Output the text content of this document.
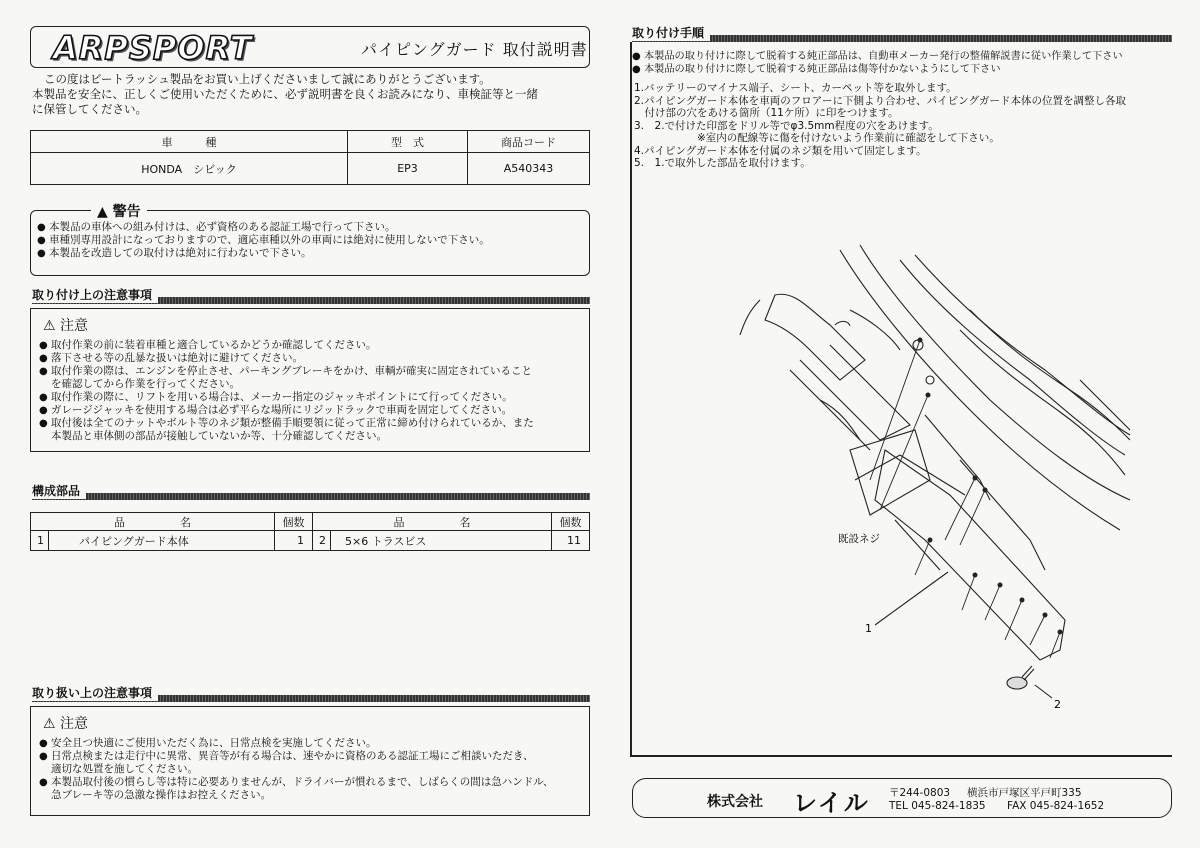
ARPSPORT	パイピングガード 取付説明書
この度はビートラッシュ製品をお買い上げくださいまして誠にありがとうございます。
本製品を安全に、正しくご使用いただくために、必ず説明書を良くお読みになり、車検証等と一緒
に保管してください。
車　　　種	型　式	商品コード
HONDA　シビック	EP3	A540343
▲ 警告
● 本製品の車体への組み付けは、必ず資格のある認証工場で行って下さい。
● 車種別専用設計になっておりますので、適応車種以外の車両には絶対に使用しないで下さい。
● 本製品を改造しての取付けは絶対に行わないで下さい。
取り付け上の注意事項
⚠ 注意
● 取付作業の前に装着車種と適合しているかどうか確認してください。
● 落下させる等の乱暴な扱いは絶対に避けてください。
● 取付作業の際は、エンジンを停止させ、パーキングブレーキをかけ、車輌が確実に固定されていること
を確認してから作業を行ってください。
● 取付作業の際に、リフトを用いる場合は、メーカー指定のジャッキポイントにて行ってください。
● ガレージジャッキを使用する場合は必ず平らな場所にリジッドラックで車両を固定してください。
● 取付後は全てのナットやボルト等のネジ類が整備手順要領に従って正常に締め付けられているか、また
本製品と車体側の部品が接触していないか等、十分確認してください。
構成部品
品　　　　　名		個数	品　　　　　名		個数
1	パイピングガード本体	1	2	5×6 トラスビス	11
取り扱い上の注意事項
⚠ 注意
● 安全且つ快適にご使用いただく為に、日常点検を実施してください。
● 日常点検または走行中に異常、異音等が有る場合は、速やかに資格のある認証工場にご相談いただき、
適切な処置を施してください。
● 本製品取付後の慣らし等は特に必要ありませんが、ドライバーが慣れるまで、しばらくの間は急ハンドル、
急ブレーキ等の急激な操作はお控えください。
取り付け手順
● 本製品の取り付けに際して脱着する純正部品は、自動車メーカー発行の整備解説書に従い作業して下さい
● 本製品の取り付けに際して脱着する純正部品は傷等付かないようにして下さい
1.バッテリーのマイナス端子、シート、カーペット等を取外します。
2.パイピングガード本体を車両のフロアーに下側より合わせ、パイピングガード本体の位置を調整し各取
　付け部の穴をあける箇所（11ケ所）に印をつけます。
3.　2.で付けた印部をドリル等でφ3.5mm程度の穴をあけます。
　　　　　　※室内の配線等に傷を付けないよう作業前に確認をして下さい。
4.パイピングガード本体を付属のネジ類を用いて固定します。
5.　1.で取外した部品を取付けます。
既設ネジ
1
2
株式会社 レイル 〒244-0803 横浜市戸塚区平戸町335
TEL 045-824-1835 FAX 045-824-1652
